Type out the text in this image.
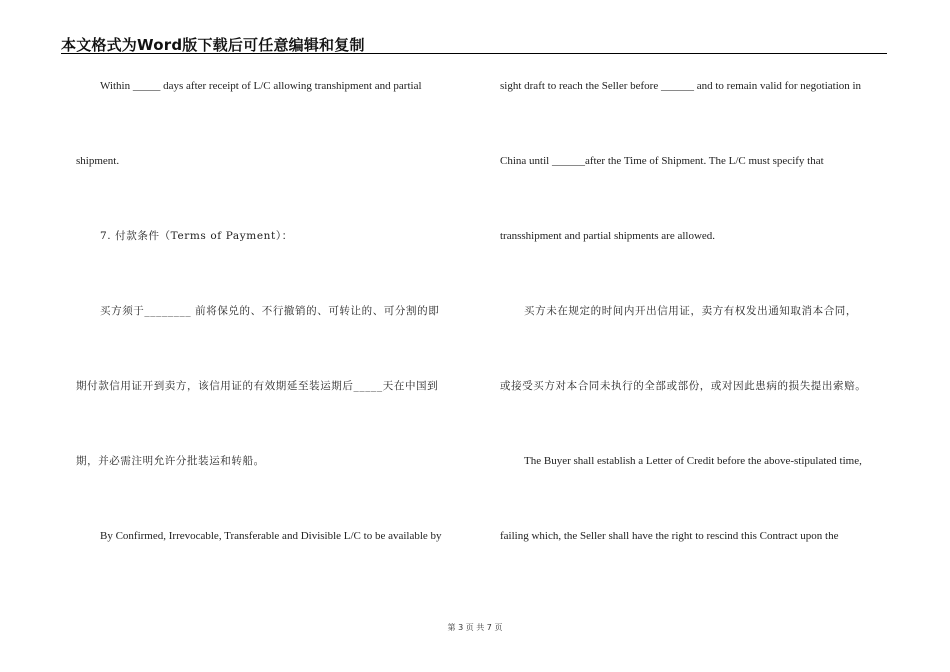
本文格式为Word版下载后可任意编辑和复制
Within _____ days after receipt of L/C allowing transhipment and partial
shipment.
7. 付款条件（Terms of Payment）：
买方须于________ 前将保兑的、不行撤销的、可转让的、可分割的即
期付款信用证开到卖方，该信用证的有效期延至装运期后_____天在中国到
期，并必需注明允许分批装运和转船。
By Confirmed, Irrevocable, Transferable and Divisible L/C to be available by
sight draft to reach the Seller before ______ and to remain valid for negotiation in
China until ______after the Time of Shipment. The L/C must specify that
transshipment and partial shipments are allowed.
买方未在规定的时间内开出信用证，卖方有权发出通知取消本合同，
或接受买方对本合同未执行的全部或部份，或对因此患病的损失提出索赔。
The Buyer shall establish a Letter of Credit before the above-stipulated time,
failing which, the Seller shall have the right to rescind this Contract upon the
第 3 页 共 7 页
